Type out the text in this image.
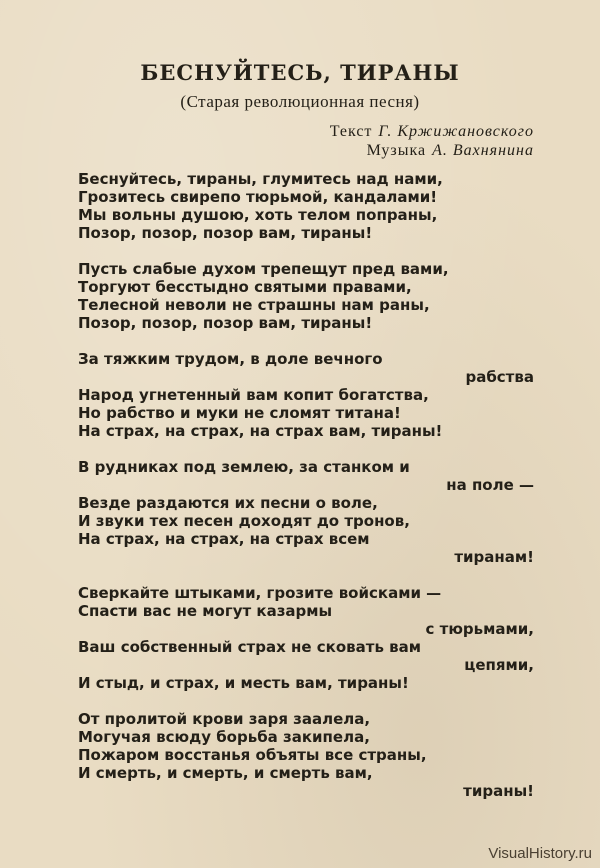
БЕСНУЙТЕСЬ, ТИРАНЫ
(Старая революционная песня)
Текст Г. Кржижановского
Музыка А. Вахнянина
Беснуйтесь, тираны, глумитесь над нами,
Грозитесь свирепо тюрьмой, кандалами!
Мы вольны душою, хоть телом попраны,
Позор, позор, позор вам, тираны!
Пусть слабые духом трепещут пред вами,
Торгуют бесстыдно святыми правами,
Телесной неволи не страшны нам раны,
Позор, позор, позор вам, тираны!
За тяжким трудом, в доле вечного
рабства
Народ угнетенный вам копит богатства,
Но рабство и муки не сломят титана!
На страх, на страх, на страх вам, тираны!
В рудниках под землею, за станком и
на поле —
Везде раздаются их песни о воле,
И звуки тех песен доходят до тронов,
На страх, на страх, на страх всем
тиранам!
Сверкайте штыками, грозите войсками —
Спасти вас не могут казармы
с тюрьмами,
Ваш собственный страх не сковать вам
цепями,
И стыд, и страх, и месть вам, тираны!
От пролитой крови заря заалела,
Могучая всюду борьба закипела,
Пожаром восстанья объяты все страны,
И смерть, и смерть, и смерть вам,
тираны!
VisualHistory.ru
